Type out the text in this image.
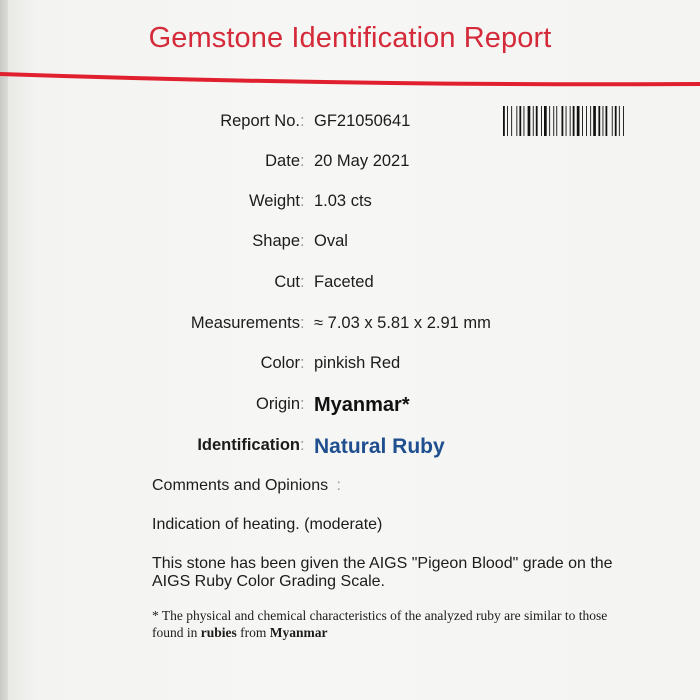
Gemstone Identification Report
Report No. : GF21050641
Date : 20 May 2021
Weight : 1.03 cts
Shape : Oval
Cut : Faceted
Measurements : ≈ 7.03 x 5.81 x 2.91 mm
Color : pinkish Red
Origin : Myanmar*
Identification : Natural Ruby
Comments and Opinions :
Indication of heating. (moderate)
This stone has been given the AIGS "Pigeon Blood" grade on the
AIGS Ruby Color Grading Scale.
* The physical and chemical characteristics of the analyzed ruby are similar to those
found in rubies from Myanmar
